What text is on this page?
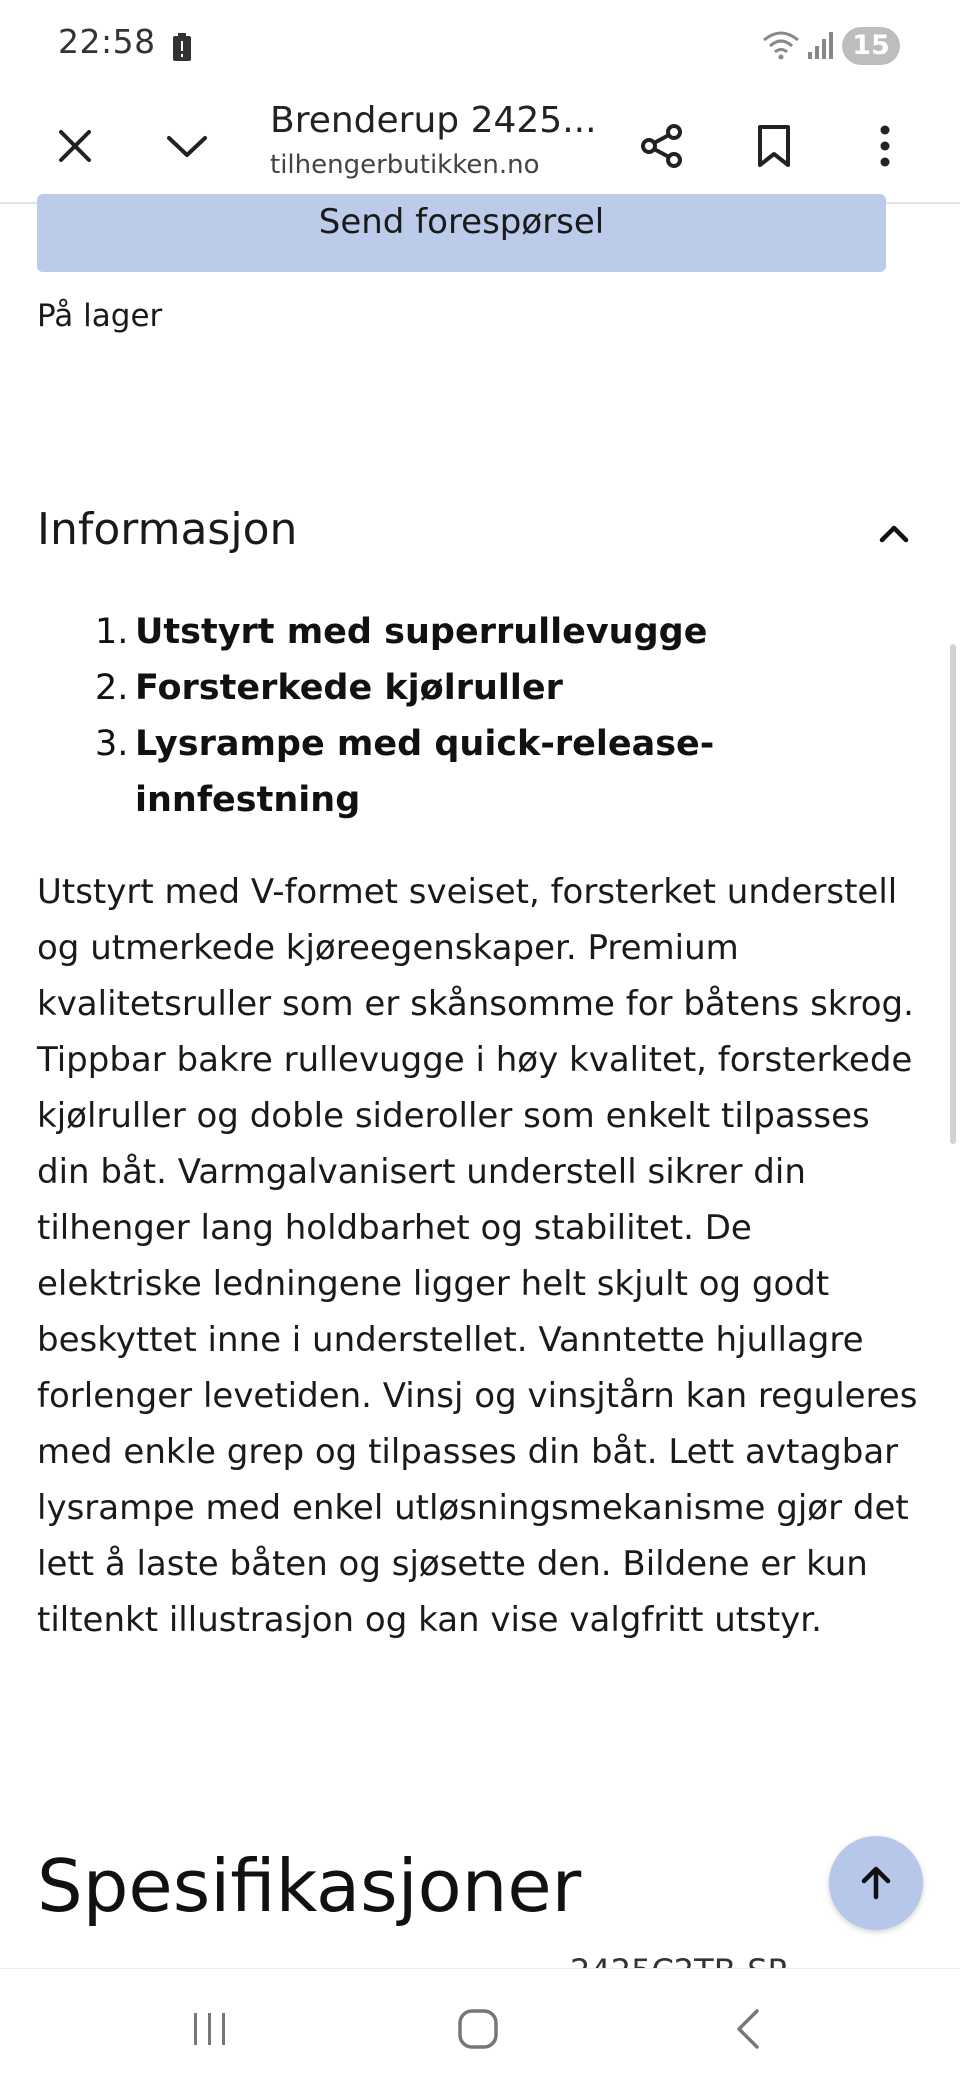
22:58	15
Brenderup 2425...
tilhengerbutikken.no
Send forespørsel
På lager
Informasjon
1. Utstyrt med superrullevugge
2. Forsterkede kjølruller
3. Lysrampe med quick-release-innfestning

Utstyrt med V-formet sveiset, forsterket understell og utmerkede kjøreegenskaper. Premium kvalitetsruller som er skånsomme for båtens skrog. Tippbar bakre rullevugge i høy kvalitet, forsterkede kjølruller og doble sideroller som enkelt tilpasses din båt. Varmgalvanisert understell sikrer din tilhenger lang holdbarhet og stabilitet. De elektriske ledningene ligger helt skjult og godt beskyttet inne i understellet. Vanntette hjullagre forlenger levetiden. Vinsj og vinsjtårn kan reguleres med enkle grep og tilpasses din båt. Lett avtagbar lysrampe med enkel utløsningsmekanisme gjør det lett å laste båten og sjøsette den. Bildene er kun tiltenkt illustrasjon og kan vise valgfritt utstyr.

Spesifikasjoner
